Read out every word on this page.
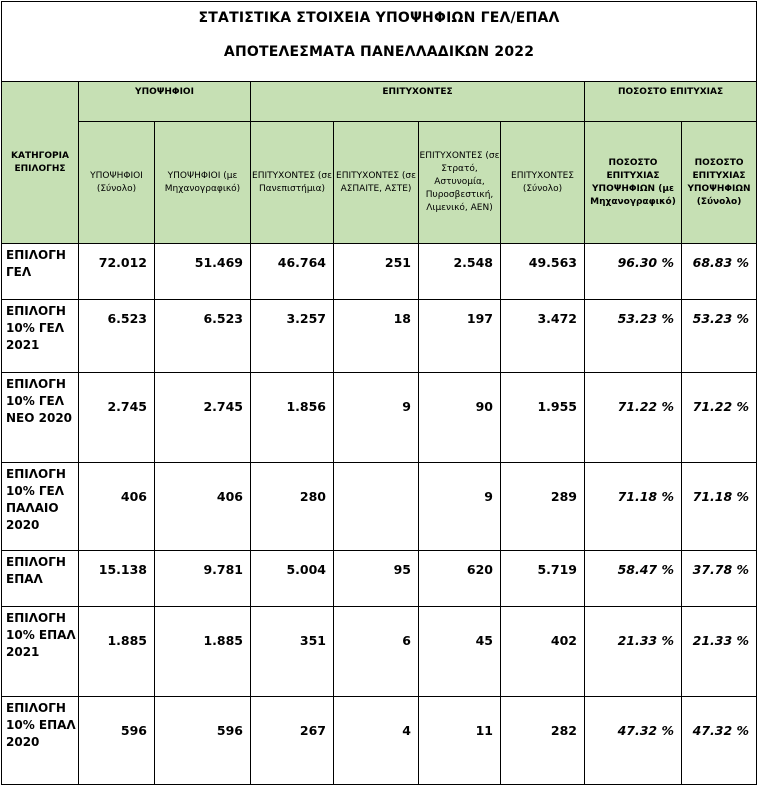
ΣΤΑΤΙΣΤΙΚΑ ΣΤΟΙΧΕΙΑ ΥΠΟΨΗΦΙΩΝ ΓΕΛ/ΕΠΑΛ
ΑΠΟΤΕΛΕΣΜΑΤΑ ΠΑΝΕΛΛΑΔΙΚΩΝ 2022								

ΚΑΤΗΓΟΡΙΑ ΕΠΙΛΟΓΗΣ	ΥΠΟΨΗΦΙΟΙ		ΕΠΙΤΥΧΟΝΤΕΣ				ΠΟΣΟΣΤΟ ΕΠΙΤΥΧΙΑΣ	
	ΥΠΟΨΗΦΙΟΙ (Σύνολο)	ΥΠΟΨΗΦΙΟΙ (με Μηχανογραφικό)	ΕΠΙΤΥΧΟΝΤΕΣ (σε Πανεπιστήμια)	ΕΠΙΤΥΧΟΝΤΕΣ (σε ΑΣΠΑΙΤΕ, ΑΣΤΕ)	ΕΠΙΤΥΧΟΝΤΕΣ (σε Στρατό, Αστυνομία, Πυροσβεστική, Λιμενικό, ΑΕΝ)	ΕΠΙΤΥΧΟΝΤΕΣ (Σύνολο)	ΠΟΣΟΣΤΟ ΕΠΙΤΥΧΙΑΣ ΥΠΟΨΗΦΙΩΝ (με Μηχανογραφικό)	ΠΟΣΟΣΤΟ ΕΠΙΤΥΧΙΑΣ ΥΠΟΨΗΦΙΩΝ (Σύνολο)
ΕΠΙΛΟΓΗ ΓΕΛ	72.012	51.469	46.764	251	2.548	49.563	96.30 %	68.83 %
ΕΠΙΛΟΓΗ 10% ΓΕΛ 2021	6.523	6.523	3.257	18	197	3.472	53.23 %	53.23 %
ΕΠΙΛΟΓΗ 10% ΓΕΛ ΝΕΟ 2020	2.745	2.745	1.856	9	90	1.955	71.22 %	71.22 %
ΕΠΙΛΟΓΗ 10% ΓΕΛ ΠΑΛΑΙΟ 2020	406	406	280		9	289	71.18 %	71.18 %
ΕΠΙΛΟΓΗ ΕΠΑΛ	15.138	9.781	5.004	95	620	5.719	58.47 %	37.78 %
ΕΠΙΛΟΓΗ 10% ΕΠΑΛ 2021	1.885	1.885	351	6	45	402	21.33 %	21.33 %
ΕΠΙΛΟΓΗ 10% ΕΠΑΛ 2020	596	596	267	4	11	282	47.32 %	47.32 %
